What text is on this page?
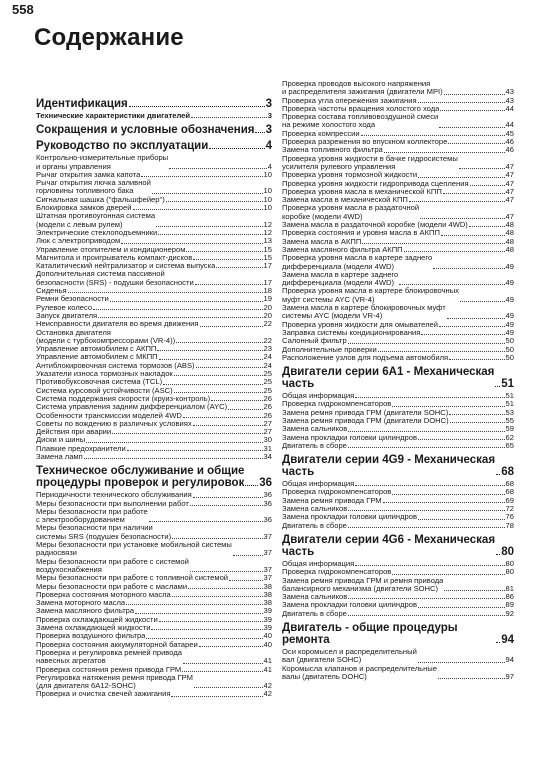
558
Содержание
Идентификация	3
Технические характеристики двигателей	3
Сокращения и условные обозначения 3
Руководство по эксплуатации	4
Контрольно-измерительные приборы
и органы управления	4
Рычаг открытия замка капота	10
Рычаг открытия лючка заливной
горловины топливного бака	10
Сигнальная шашка ("фальшфейер")	10
Блокировка замков дверей	10
Штатная противоугонная система
(модели с левым рулем)	12
Электрические стеклоподъемники	12
Люк с электроприводом	13
Управление отопителем и кондиционером	15
Магнитола и проигрыватель компакт-дисков	15
Каталитический нейтрализатор и система выпуска	17
Дополнительная система пассивной
безопасности (SRS) - подушки безопасности	17
Сиденья	18
Ремни безопасности	19
Рулевое колесо	20
Запуск двигателя	20
Неисправности двигателя во время движения	22
Остановка двигателя
(модели с турбокомпрессорами (VR-4))	22
Управление автомобилем с АКПП	23
Управление автомобилем с МКПП	24
Антиблокировочная система тормозов (ABS)	24
Указатели износа тормозных накладок	25
Противобуксовочная система (TCL)	25
Система курсовой устойчивости (ASC)	25
Система поддержания скорости (круиз-контроль)	26
Система управления задним дифференциалом (AYC)	26
Особенности трансмиссии моделей 4WD	26
Советы по вождению в различных условиях	27
Действия при аварии	27
Диски и шины	30
Плавкие предохранители	31
Замена ламп	34
Техническое обслуживание и общие
процедуры проверок и регулировок 36
Периодичности технического обслуживания	36
Меры безопасности при выполнении работ	36
Меры безопасности при работе
с электрооборудованием	36
Меры безопасности при наличии
системы SRS (подушек безопасности)	37
Меры безопасности при установке мобильной системы
радиосвязи	37
Меры безопасности при работе с системой
воздухоснабжения	37
Меры безопасности при работе с топливной системой	37
Меры безопасности при работе с маслами	38
Проверка состояния моторного масла	38
Замена моторного масла	38
Замена масляного фильтра	39
Проверка охлаждающей жидкости	39
Замена охлаждающей жидкости	39
Проверка воздушного фильтра	40
Проверка состояния аккумуляторной батареи	40
Проверка и регулировка ремней привода
навесных агрегатов	41
Проверка состояния ремня привода ГРМ	41
Регулировка натяжения ремня привода ГРМ
(для двигателя 6A12-SOHC)	42
Проверка и очистка свечей зажигания	42
Проверка проводов высокого напряжения
и распределителя зажигания (двигатели MPI)	43
Проверка угла опережения зажигания	43
Проверка частоты вращения холостого хода	44
Проверка состава топливовоздушной смеси
на режиме холостого хода	44
Проверка компрессии	45
Проверка разрежения во впускном коллекторе	46
Замена топливного фильтра	46
Проверка уровня жидкости в бачке гидросистемы
усилителя рулевого управления	47
Проверка уровня тормозной жидкости	47
Проверка уровня жидкости гидропривода сцепления	47
Проверка уровня масла в механической КПП	47
Замена масла в механической КПП	47
Проверка уровня масла в раздаточной
коробке (модели 4WD)	47
Замена масла в раздаточной коробке (модели 4WD)	48
Проверка состояния и уровня масла в АКПП	48
Замена масла в АКПП	48
Замена масляного фильтра АКПП	48
Проверка уровня масла в картере заднего
дифференциала (модели 4WD)	49
Замена масла в картере заднего
дифференциала (модели 4WD)	49
Проверка уровня масла в картере блокировочных
муфт системы AYC (VR-4)	49
Замена масла в картере блокировочных муфт
системы AYC (модели VR-4)	49
Проверка уровня жидкости для омывателей	49
Заправка системы кондиционирования	49
Салонный фильтр	50
Дополнительные проверки	50
Расположение узлов для подъема автомобиля	50
Двигатели серии 6А1 - Механическая
часть	51
Общая информация	51
Проверка гидрокомпенсаторов	51
Замена ремня привода ГРМ (двигатели SOHC)	53
Замена ремня привода ГРМ (двигатели DOHC)	55
Замена сальников	59
Замена прокладки головки цилиндров	62
Двигатель в сборе	65
Двигатели серии 4G9 - Механическая
часть	68
Общая информация	68
Проверка гидрокомпенсаторов	68
Замена ремня привода ГРМ	69
Замена сальников	72
Замена прокладки головки цилиндров	76
Двигатель в сборе	78
Двигатели серии 4G6 - Механическая
часть	80
Общая информация	80
Проверка гидрокомпенсаторов	80
Замена ремня привода ГРМ и ремня привода
балансирного механизма (двигатели SOHC)	81
Замена сальников	86
Замена прокладки головки цилиндров	89
Двигатель в сборе	92
Двигатель - общие процедуры ремонта	94
Оси коромысел и распределительный
вал (двигатели SOHC)	94
Коромысла клапанов и распределительные
валы (двигатель DOHC)	97
